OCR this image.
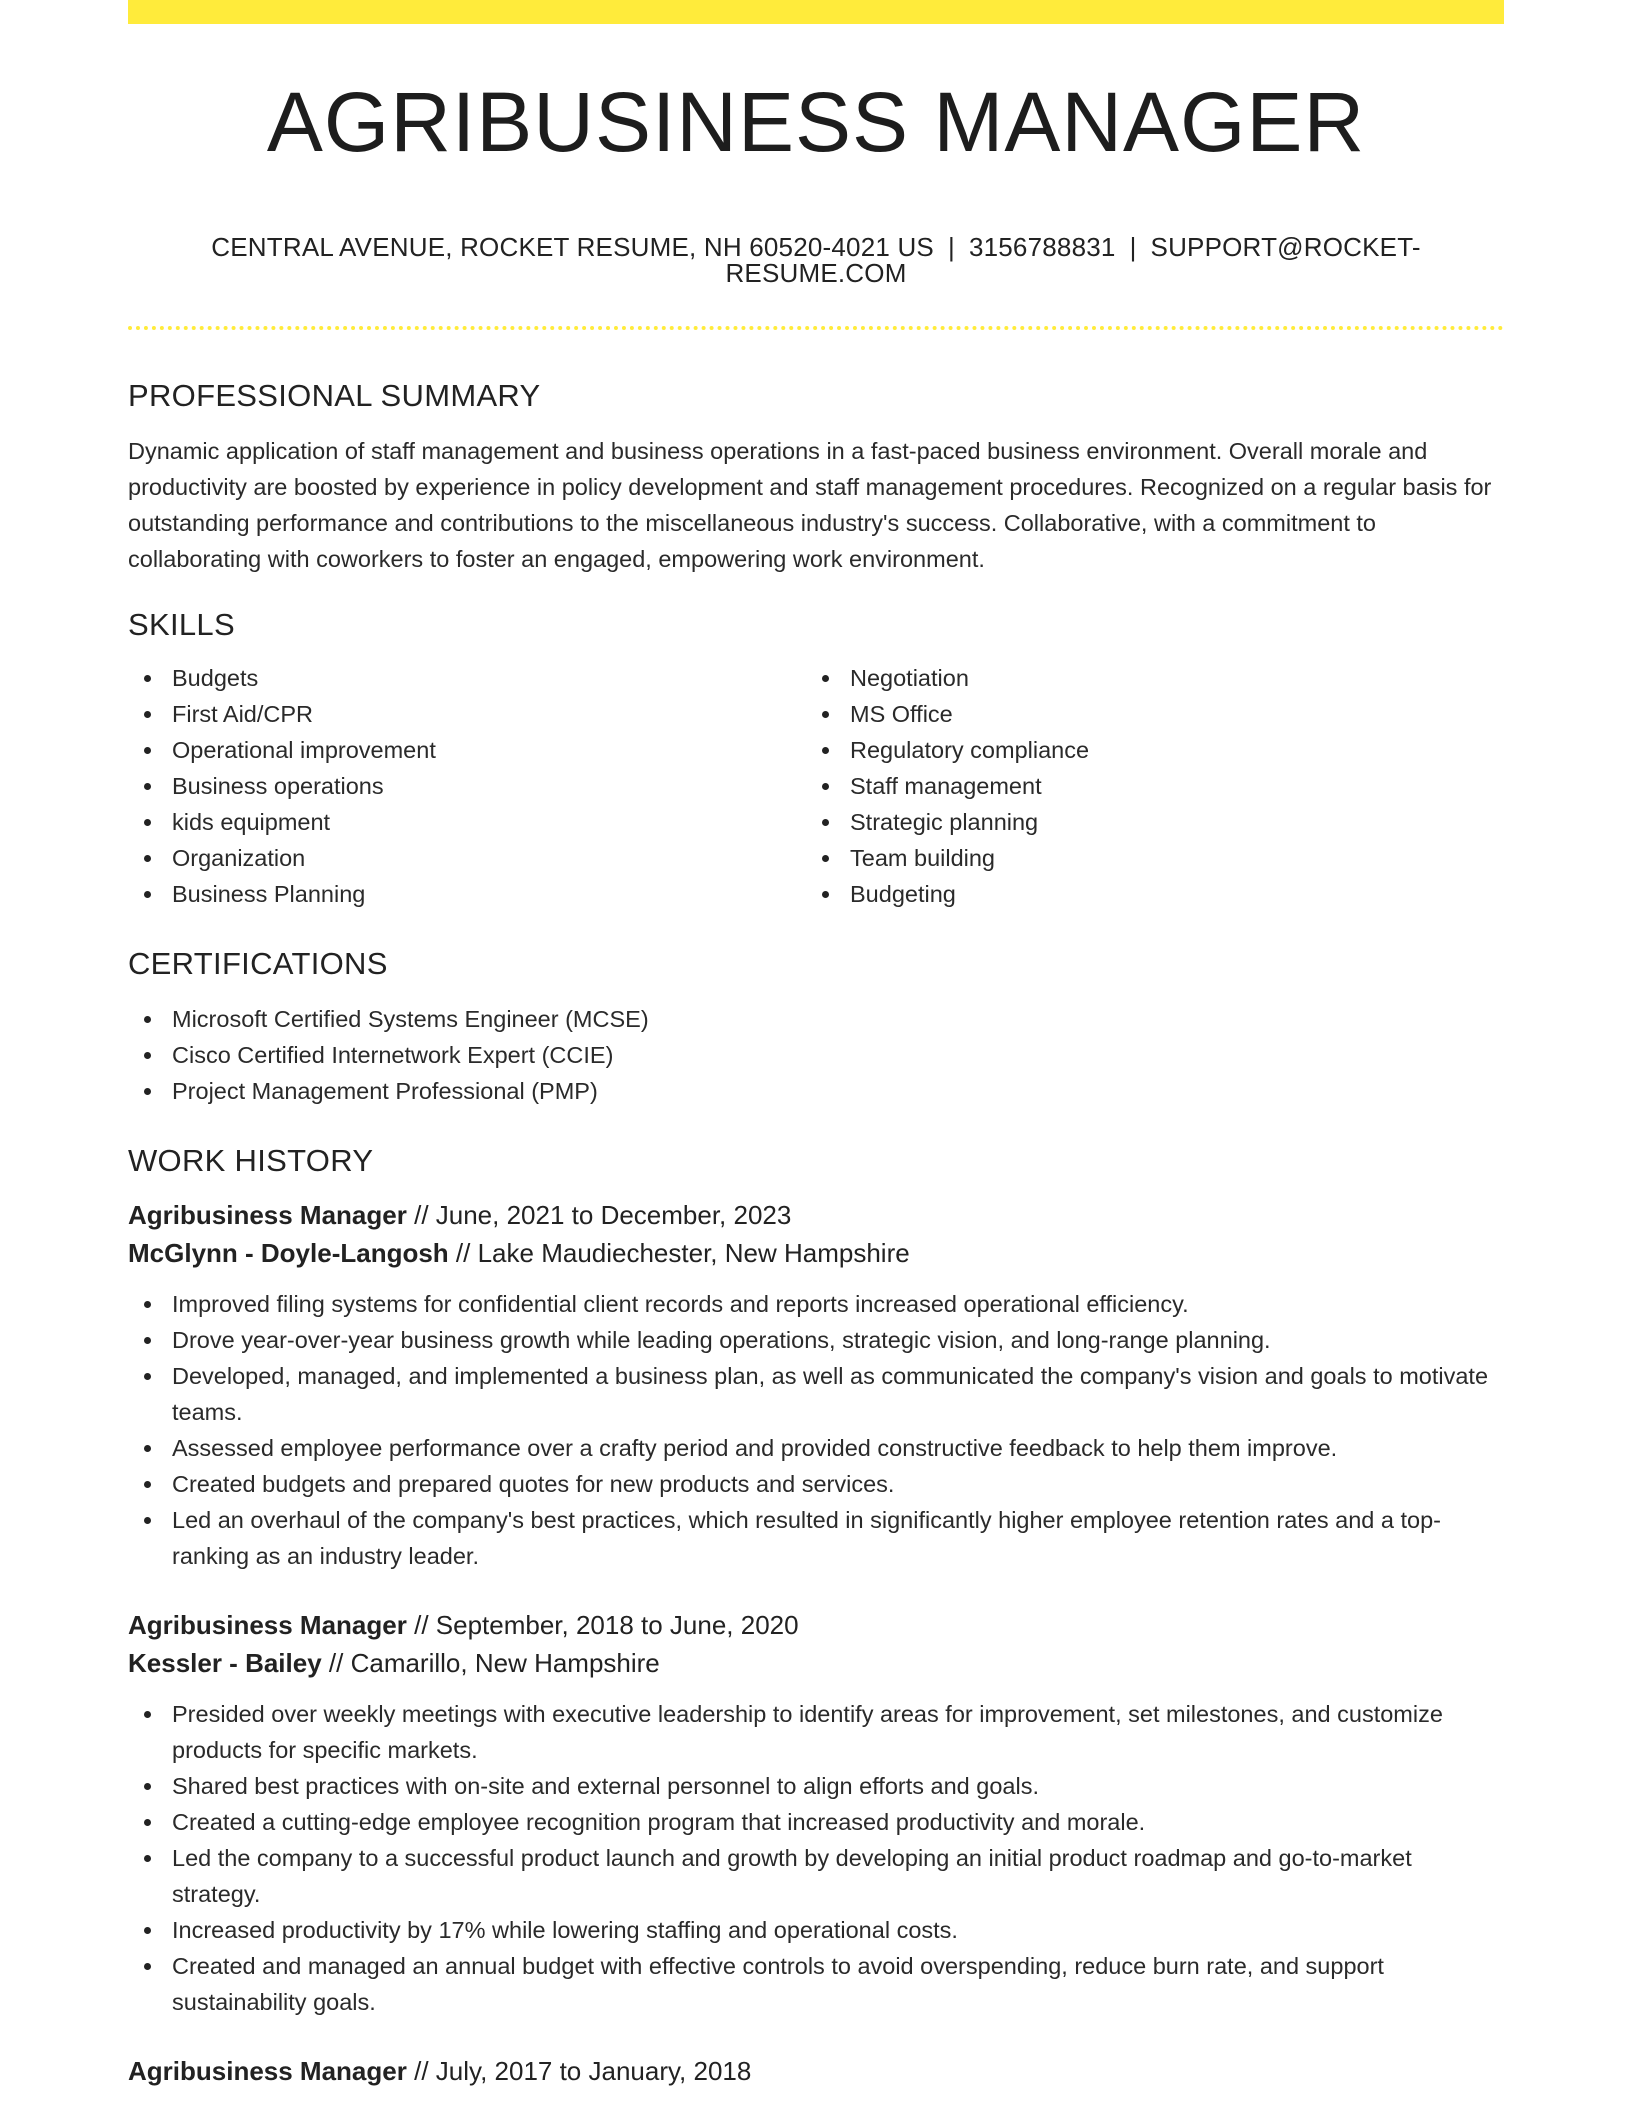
AGRIBUSINESS MANAGER
CENTRAL AVENUE, ROCKET RESUME, NH 60520-4021 US | 3156788831 | SUPPORT@ROCKET-RESUME.COM
PROFESSIONAL SUMMARY

Dynamic application of staff management and business operations in a fast-paced business environment. Overall morale and productivity are boosted by experience in policy development and staff management procedures. Recognized on a regular basis for outstanding performance and contributions to the miscellaneous industry's success. Collaborative, with a commitment to collaborating with coworkers to foster an engaged, empowering work environment.

SKILLS
Budgets
First Aid/CPR
Operational improvement
Business operations
kids equipment
Organization
Business Planning
Negotiation
MS Office
Regulatory compliance
Staff management
Strategic planning
Team building
Budgeting
CERTIFICATIONS
Microsoft Certified Systems Engineer (MCSE)
Cisco Certified Internetwork Expert (CCIE)
Project Management Professional (PMP)
WORK HISTORY
Agribusiness Manager // June, 2021 to December, 2023
McGlynn - Doyle-Langosh // Lake Maudiechester, New Hampshire
Improved filing systems for confidential client records and reports increased operational efficiency.
Drove year-over-year business growth while leading operations, strategic vision, and long-range planning.
Developed, managed, and implemented a business plan, as well as communicated the company's vision and goals to motivate teams.
Assessed employee performance over a crafty period and provided constructive feedback to help them improve.
Created budgets and prepared quotes for new products and services.
Led an overhaul of the company's best practices, which resulted in significantly higher employee retention rates and a top-ranking as an industry leader.
Agribusiness Manager // September, 2018 to June, 2020
Kessler - Bailey // Camarillo, New Hampshire
Presided over weekly meetings with executive leadership to identify areas for improvement, set milestones, and customize products for specific markets.
Shared best practices with on-site and external personnel to align efforts and goals.
Created a cutting-edge employee recognition program that increased productivity and morale.
Led the company to a successful product launch and growth by developing an initial product roadmap and go-to-market strategy.
Increased productivity by 17% while lowering staffing and operational costs.
Created and managed an annual budget with effective controls to avoid overspending, reduce burn rate, and support sustainability goals.
Agribusiness Manager // July, 2017 to January, 2018
